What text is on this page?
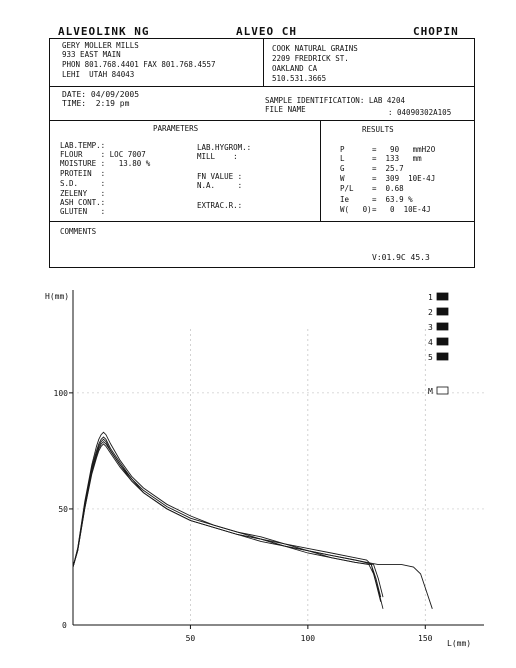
ALVEOLINK NG	ALVEO CH	CHOPIN
GERY MOLLER MILLS
933 EAST MAIN
PHON 801.768.4401 FAX 801.768.4557
LEHI  UTAH 84043
COOK NATURAL GRAINS
2209 FREDRICK ST.
OAKLAND CA
510.531.3665
DATE: 04/09/2005
TIME:  2:19 pm	SAMPLE IDENTIFICATION: LAB 4204
FILE NAME	: 04090302A105
PARAMETERS
LAB.TEMP.:
FLOUR    : LOC 7007
MOISTURE :   13.80 %
PROTEIN  :
S.D.     :
ZELENY   :
ASH CONT.:
GLUTEN   :
LAB.HYGROM.:
MILL    :
FN VALUE :
N.A.     :
EXTRAC.R.:
RESULTS
P	=   90   mmH2O
L	=  133   mm
G	=  25.7
W	=  309  10E-4J
P/L =  0.68
Ie	=  63.9 %
W(   0) =   0  10E-4J
COMMENTS
V:01.9C 45.3
H(mm)
L(mm)
0
50	100	150
50
100
1
2
3
4
5
M
